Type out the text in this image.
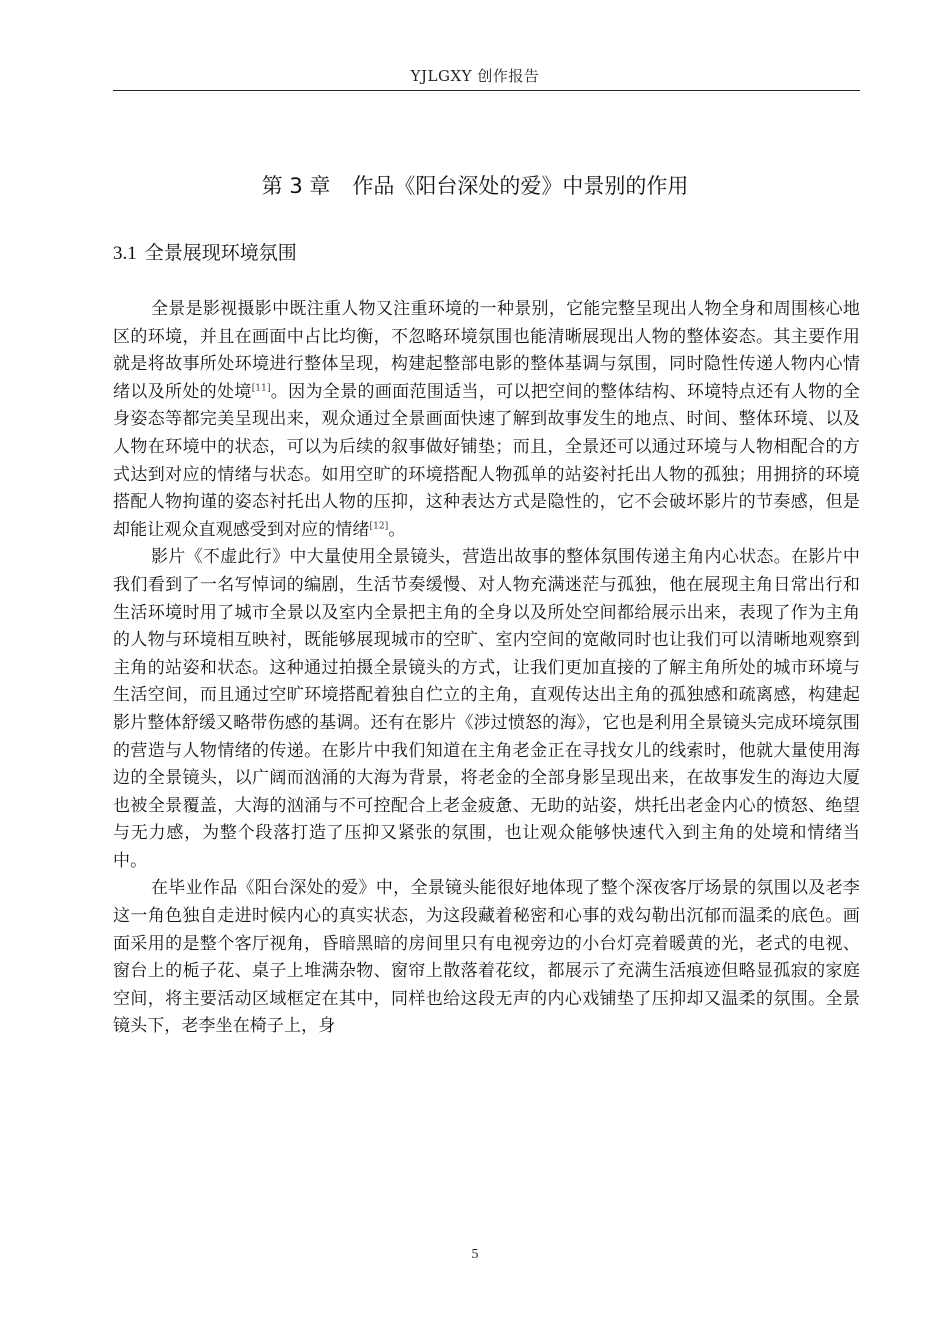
YJLGXY 创作报告
第 3 章 作品《阳台深处的爱》中景别的作用
3.1 全景展现环境氛围

全景是影视摄影中既注重人物又注重环境的一种景别，它能完整呈现出人物全身和周围核心地区的环境，并且在画面中占比均衡，不忽略环境氛围也能清晰展现出人物的整体姿态。其主要作用就是将故事所处环境进行整体呈现，构建起整部电影的整体基调与氛围，同时隐性传递人物内心情绪以及所处的处境[11]。因为全景的画面范围适当，可以把空间的整体结构、环境特点还有人物的全身姿态等都完美呈现出来，观众通过全景画面快速了解到故事发生的地点、时间、整体环境、以及人物在环境中的状态，可以为后续的叙事做好铺垫；而且，全景还可以通过环境与人物相配合的方式达到对应的情绪与状态。如用空旷的环境搭配人物孤单的站姿衬托出人物的孤独；用拥挤的环境搭配人物拘谨的姿态衬托出人物的压抑，这种表达方式是隐性的，它不会破坏影片的节奏感，但是却能让观众直观感受到对应的情绪[12]。

影片《不虚此行》中大量使用全景镜头，营造出故事的整体氛围传递主角内心状态。在影片中我们看到了一名写悼词的编剧，生活节奏缓慢、对人物充满迷茫与孤独，他在展现主角日常出行和生活环境时用了城市全景以及室内全景把主角的全身以及所处空间都给展示出来，表现了作为主角的人物与环境相互映衬，既能够展现城市的空旷、室内空间的宽敞同时也让我们可以清晰地观察到主角的站姿和状态。这种通过拍摄全景镜头的方式，让我们更加直接的了解主角所处的城市环境与生活空间，而且通过空旷环境搭配着独自伫立的主角，直观传达出主角的孤独感和疏离感，构建起影片整体舒缓又略带伤感的基调。还有在影片《涉过愤怒的海》，它也是利用全景镜头完成环境氛围的营造与人物情绪的传递。在影片中我们知道在主角老金正在寻找女儿的线索时，他就大量使用海边的全景镜头，以广阔而汹涌的大海为背景，将老金的全部身影呈现出来，在故事发生的海边大厦也被全景覆盖，大海的汹涌与不可控配合上老金疲惫、无助的站姿，烘托出老金内心的愤怒、绝望与无力感，为整个段落打造了压抑又紧张的氛围，也让观众能够快速代入到主角的处境和情绪当中。

在毕业作品《阳台深处的爱》中，全景镜头能很好地体现了整个深夜客厅场景的氛围以及老李这一角色独自走进时候内心的真实状态，为这段藏着秘密和心事的戏勾勒出沉郁而温柔的底色。画面采用的是整个客厅视角，昏暗黑暗的房间里只有电视旁边的小台灯亮着暖黄的光，老式的电视、窗台上的栀子花、桌子上堆满杂物、窗帘上散落着花纹，都展示了充满生活痕迹但略显孤寂的家庭空间，将主要活动区域框定在其中，同样也给这段无声的内心戏铺垫了压抑却又温柔的氛围。全景镜头下，老李坐在椅子上，身

5
